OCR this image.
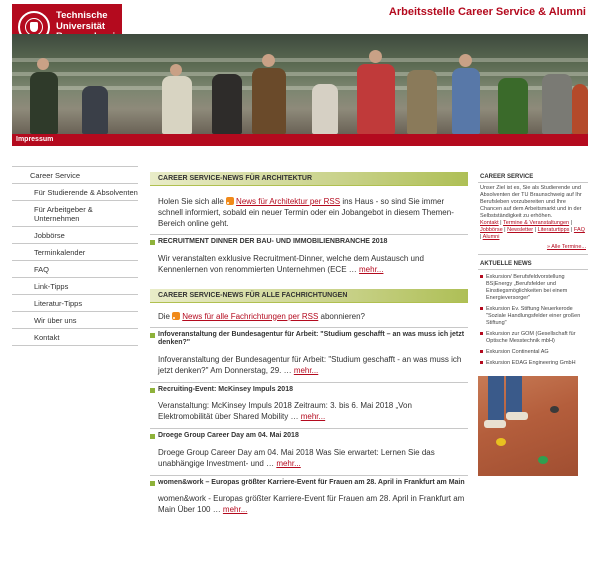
Technische
Universität
Arbeitsstelle Career Service & Alumni
Impressum
Career Service
Für Studierende & Absolventen
Für Arbeitgeber & Unternehmen
Jobbörse
Terminkalender
FAQ
Link-Tipps
Literatur-Tipps
Wir über uns
Kontakt
CAREER SERVICE-NEWS FÜR ARCHITEKTUR
Holen Sie sich alle News für Architektur per RSS ins Haus - so sind Sie immer schnell informiert, sobald ein neuer Termin oder ein Jobangebot in diesem Themen-Bereich online geht.
RECRUITMENT DINNER DER BAU- UND IMMOBILIENBRANCHE 2018
Wir veranstalten exklusive Recruitment-Dinner, welche dem Austausch und Kennenlernen von renommierten Unternehmen (ECE … mehr...
CAREER SERVICE-NEWS FÜR ALLE FACHRICHTUNGEN
Die News für alle Fachrichtungen per RSS abonnieren?
Infoveranstaltung der Bundesagentur für Arbeit: "Studium geschafft – an was muss ich jetzt denken?"
Infoveranstaltung der Bundesagentur für Arbeit: "Studium geschafft - an was muss ich jetzt denken?" Am Donnerstag, 29. … mehr...
Recruiting-Event: McKinsey Impuls 2018
Veranstaltung: McKinsey Impuls 2018 Zeitraum: 3. bis 6. Mai 2018 „Von Elektromobilität über Shared Mobility … mehr...
Droege Group Career Day am 04. Mai 2018
Droege Group Career Day am 04. Mai 2018 Was Sie erwartet: Lernen Sie das unabhängige Investment- und … mehr...
women&work – Europas größter Karriere-Event für Frauen am 28. April in Frankfurt am Main
women&work - Europas größter Karriere-Event für Frauen am 28. April in Frankfurt am Main Über 100 … mehr...
CAREER SERVICE
Unser Ziel ist es, Sie als Studierende und Absolventen der TU Braunschweig auf Ihr Berufsleben vorzubereiten und Ihre Chancen auf dem Arbeitsmarkt und in der Selbstständigkeit zu erhöhen.
Kontakt | Termine & Veranstaltungen | Jobbörse | Newsletter | Literaturtipps | FAQ | Alumni
» Alle Termine...
AKTUELLE NEWS
Exkursion/ Berufsfeldvorstellung BS|Energy „Berufsfelder und Einstiegsmöglichkeiten bei einem Energieversorger"
Exkursion Ev. Stiftung Neuerkerode "Soziale Handlungsfelder einer großen Stiftung"
Exkursion zur GOM (Gesellschaft für Optische Messtechnik mbH)
Exkursion Continental AG
Exkursion EDAG Engineering GmbH
